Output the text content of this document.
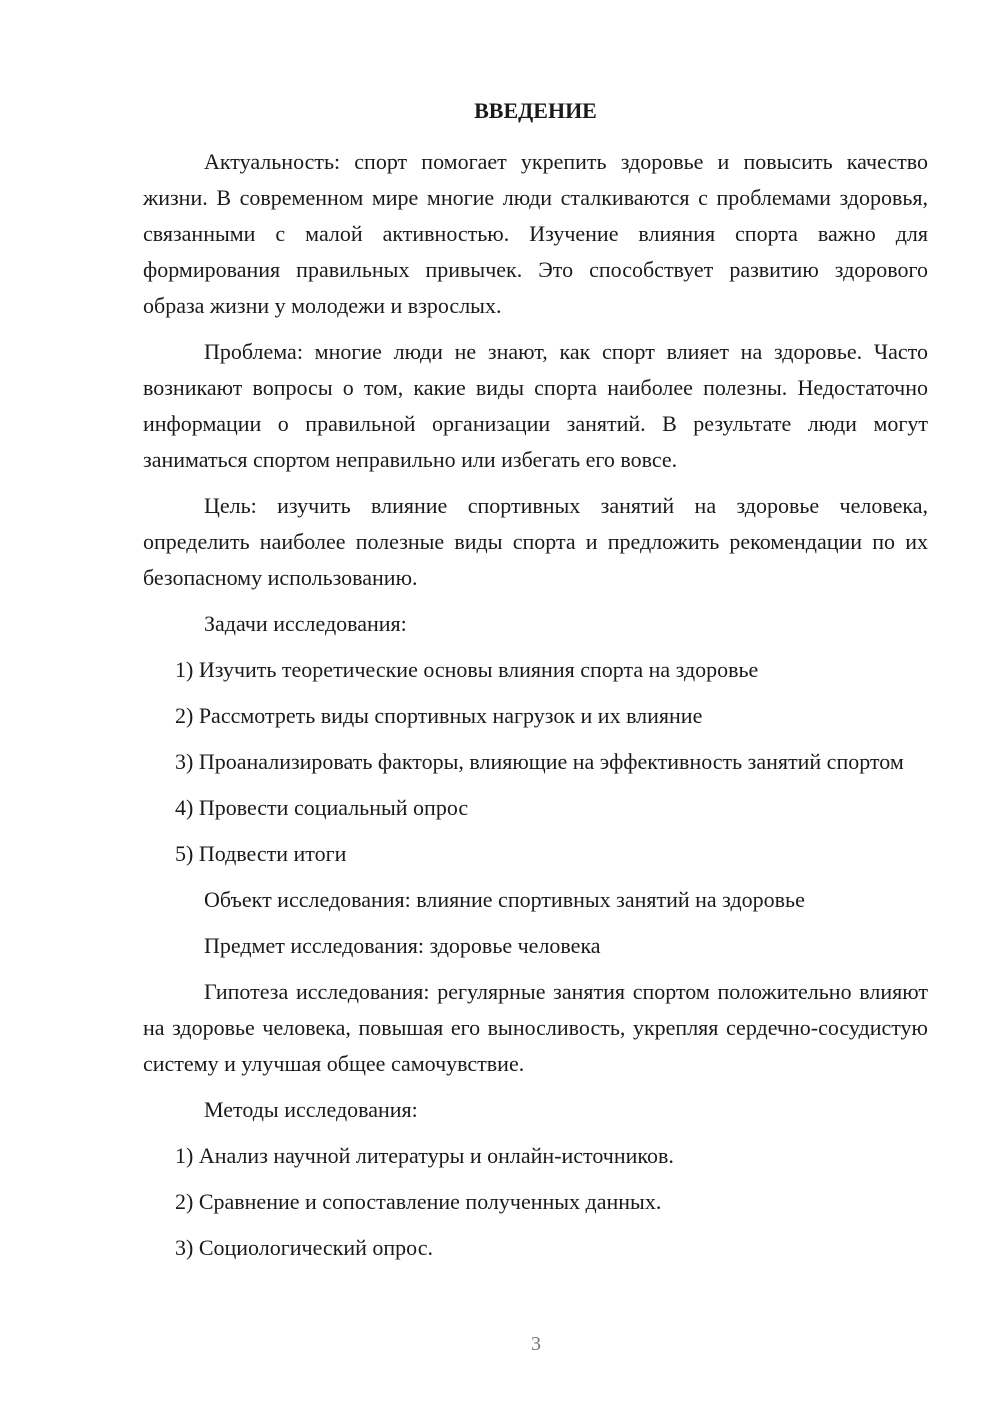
ВВЕДЕНИЕ

Актуальность: спорт помогает укрепить здоровье и повысить качество жизни. В современном мире многие люди сталкиваются с проблемами здоровья, связанными с малой активностью. Изучение влияния спорта важно для формирования правильных привычек. Это способствует развитию здорового образа жизни у молодежи и взрослых.

Проблема: многие люди не знают, как спорт влияет на здоровье. Часто возникают вопросы о том, какие виды спорта наиболее полезны. Недостаточно информации о правильной организации занятий. В результате люди могут заниматься спортом неправильно или избегать его вовсе.

Цель: изучить влияние спортивных занятий на здоровье человека, определить наиболее полезные виды спорта и предложить рекомендации по их безопасному использованию.

Задачи исследования:

1) Изучить теоретические основы влияния спорта на здоровье

2) Рассмотреть виды спортивных нагрузок и их влияние

3) Проанализировать факторы, влияющие на эффективность занятий спортом

4) Провести социальный опрос

5) Подвести итоги

Объект исследования: влияние спортивных занятий на здоровье

Предмет исследования: здоровье человека

Гипотеза исследования: регулярные занятия спортом положительно влияют на здоровье человека, повышая его выносливость, укрепляя сердечно-сосудистую систему и улучшая общее самочувствие.

Методы исследования:

1) Анализ научной литературы и онлайн-источников.

2) Сравнение и сопоставление полученных данных.

3) Социологический опрос.

3
